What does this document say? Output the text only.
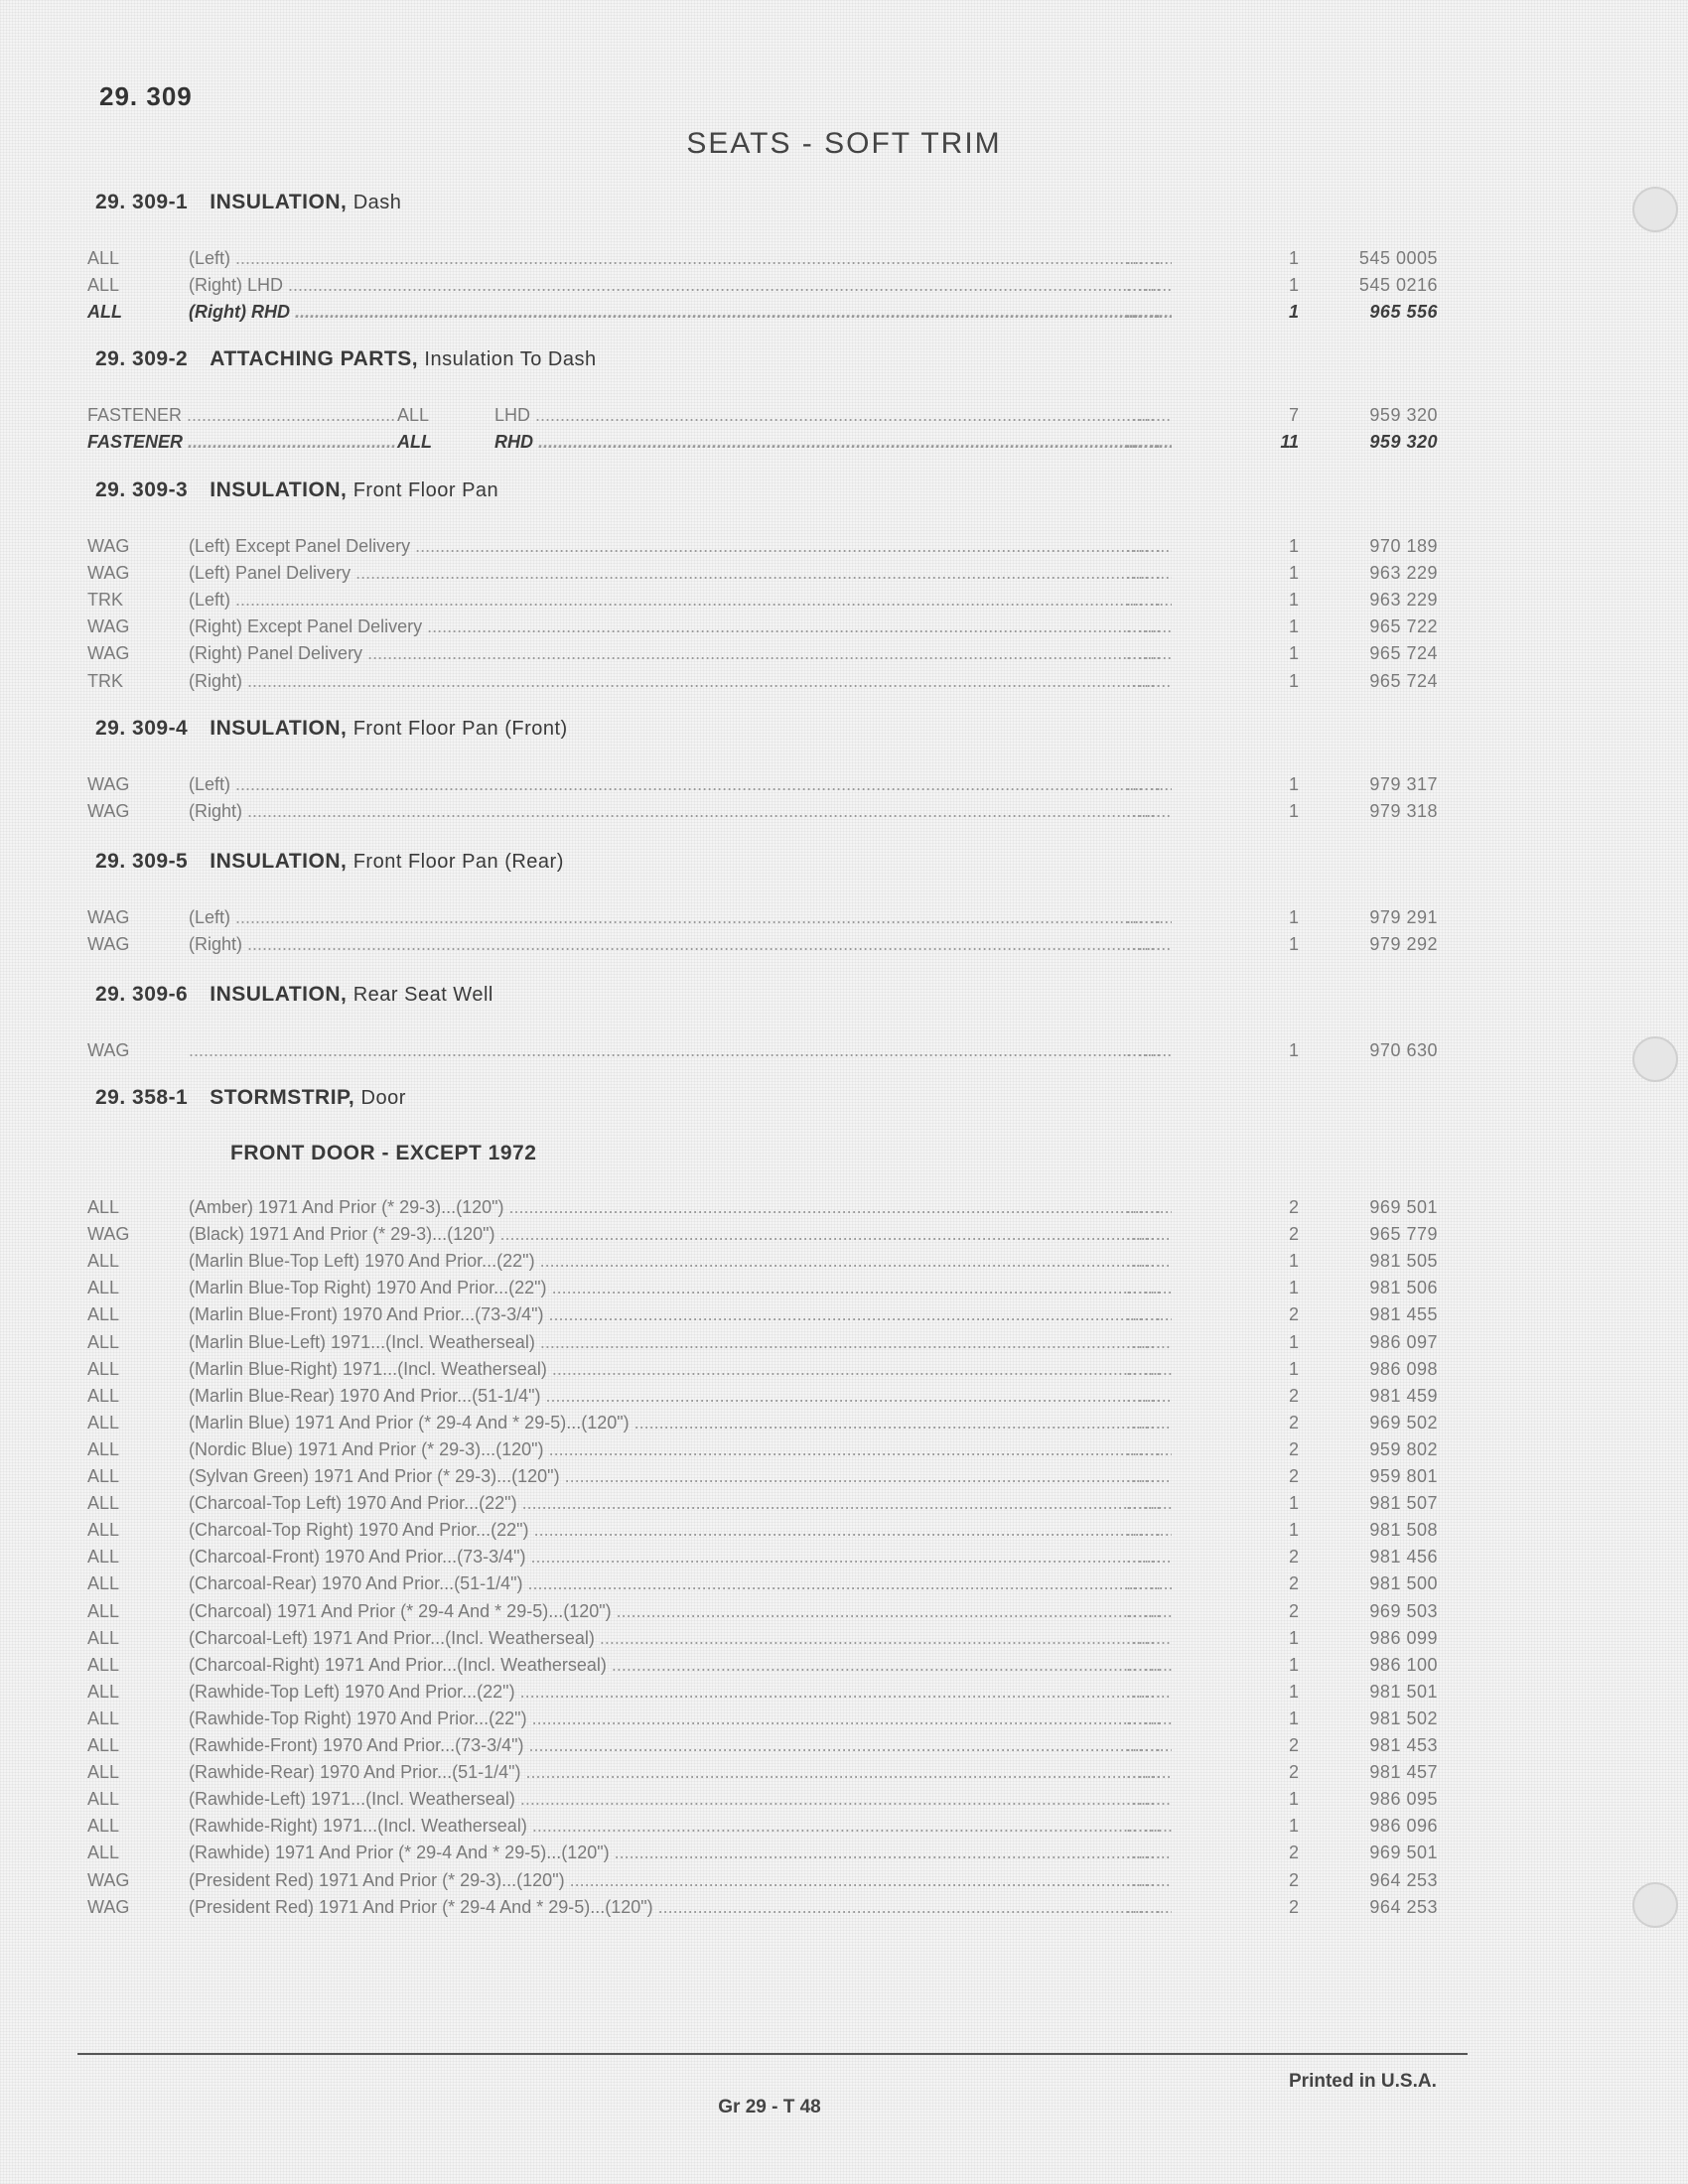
29. 309
SEATS - SOFT TRIM
29. 309-1 INSULATION, Dash
ALL	(Left) .....	......	1	545 0005
ALL	(Right) LHD .....	......	1	545 0216
ALL	(Right) RHD .....	......	1	965 556
29. 309-2 ATTACHING PARTS, Insulation To Dash
FASTENER .....	ALL	LHD .....	......	7	959 320
FASTENER .....	ALL	RHD .....	......	11	959 320
29. 309-3 INSULATION, Front Floor Pan
WAG	(Left) Except Panel Delivery .....	......	1	970 189
WAG	(Left) Panel Delivery .....	......	1	963 229
TRK	(Left) .....	......	1	963 229
WAG	(Right) Except Panel Delivery .....	......	1	965 722
WAG	(Right) Panel Delivery .....	......	1	965 724
TRK	(Right) .....	......	1	965 724
29. 309-4 INSULATION, Front Floor Pan (Front)
WAG	(Left) .....	......	1	979 317
WAG	(Right) .....	......	1	979 318
29. 309-5 INSULATION, Front Floor Pan (Rear)
WAG	(Left) .....	......	1	979 291
WAG	(Right) .....	......	1	979 292
29. 309-6 INSULATION, Rear Seat Well
WAG
.....	......	1	970 630
29. 358-1 STORMSTRIP, Door
FRONT DOOR - EXCEPT 1972
ALL	(Amber) 1971 And Prior (* 29-3)...(120") .....	......	2	969 501
WAG	(Black) 1971 And Prior (* 29-3)...(120") .....	......	2	965 779
ALL	(Marlin Blue-Top Left) 1970 And Prior...(22") .....	......	1	981 505
ALL	(Marlin Blue-Top Right) 1970 And Prior...(22") .....	......	1	981 506
ALL	(Marlin Blue-Front) 1970 And Prior...(73-3/4") .....	......	2	981 455
ALL	(Marlin Blue-Left) 1971...(Incl. Weatherseal) .....	......	1	986 097
ALL	(Marlin Blue-Right) 1971...(Incl. Weatherseal) .....	......	1	986 098
ALL	(Marlin Blue-Rear) 1970 And Prior...(51-1/4") .....	......	2	981 459
ALL	(Marlin Blue) 1971 And Prior (* 29-4 And * 29-5)...(120") .....	......	2	969 502
ALL	(Nordic Blue) 1971 And Prior (* 29-3)...(120") .....	......	2	959 802
ALL	(Sylvan Green) 1971 And Prior (* 29-3)...(120") .....	......	2	959 801
ALL	(Charcoal-Top Left) 1970 And Prior...(22") .....	......	1	981 507
ALL	(Charcoal-Top Right) 1970 And Prior...(22") .....	......	1	981 508
ALL	(Charcoal-Front) 1970 And Prior...(73-3/4") .....	......	2	981 456
ALL	(Charcoal-Rear) 1970 And Prior...(51-1/4") .....	......	2	981 500
ALL	(Charcoal) 1971 And Prior (* 29-4 And * 29-5)...(120") .....	......	2	969 503
ALL	(Charcoal-Left) 1971 And Prior...(Incl. Weatherseal) .....	......	1	986 099
ALL	(Charcoal-Right) 1971 And Prior...(Incl. Weatherseal) .....	......	1	986 100
ALL	(Rawhide-Top Left) 1970 And Prior...(22") .....	......	1	981 501
ALL	(Rawhide-Top Right) 1970 And Prior...(22") .....	......	1	981 502
ALL	(Rawhide-Front) 1970 And Prior...(73-3/4") .....	......	2	981 453
ALL	(Rawhide-Rear) 1970 And Prior...(51-1/4") .....	......	2	981 457
ALL	(Rawhide-Left) 1971...(Incl. Weatherseal) .....	......	1	986 095
ALL	(Rawhide-Right) 1971...(Incl. Weatherseal) .....	......	1	986 096
ALL	(Rawhide) 1971 And Prior (* 29-4 And * 29-5)...(120") .....	......	2	969 501
WAG	(President Red) 1971 And Prior (* 29-3)...(120") .....	......	2	964 253
WAG	(President Red) 1971 And Prior (* 29-4 And * 29-5)...(120") .....	......	2	964 253
Printed in U.S.A.
Gr 29 - T 48
